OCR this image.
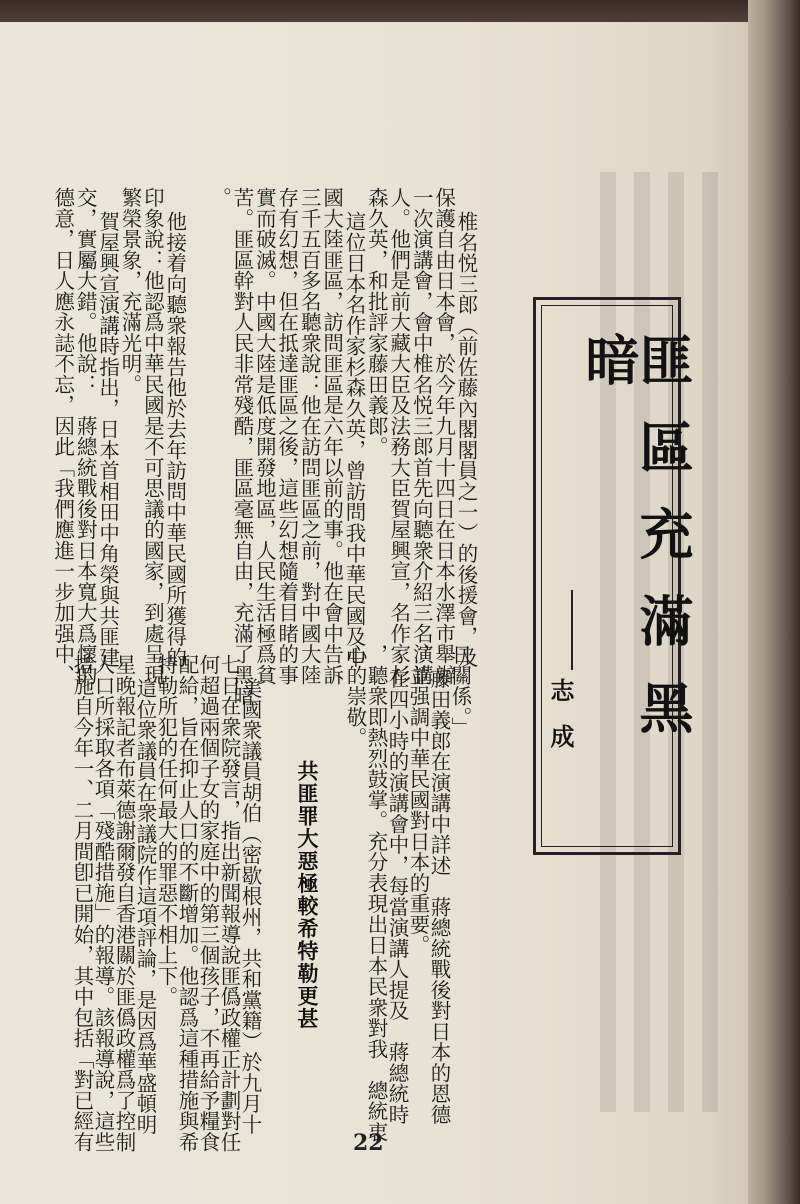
匪區充滿黑暗
志成
共匪罪大惡極較希特勒更甚
22
椎名悦三郎（前佐藤內閣閣員之一）的後援會，及
保護自由日本會，於今年九月十四日在日本水澤市舉辦
一次演講會，會中椎名悦三郎首先向聽衆介紹三名演講
人。他們是前大藏大臣及法務大臣賀屋興宣，名作家杉
森久英，和批評家藤田義郎。
這位日本名作家杉森久英，曾訪問我中華民國及中
國大陸匪區，訪問匪區是六年以前的事。他在會中告訴
三千五百多名聽衆說：他在訪問匪區之前，對中國大陸
存有幻想，但在抵達匪區之後，這些幻想隨着目睹的事
實而破滅。中國大陸是低度開發地區，人民生活極爲貧
苦。匪區幹對人民非常殘酷，匪區毫無自由，充滿了黑暗
。
他接着向聽衆報告他於去年訪問中華民國所獲得的
印象說：他認爲中華民國是不可思議的國家，到處呈現
繁榮景象，充滿光明。
賀屋興宣演講時指出，日本首相田中角榮與共匪建
交，實屬大錯。他說：　蔣總統戰後對日本寬大爲懷的
德意，日人應永誌不忘，因此「我們應進一步加强中、
日關係。」
藤田義郎在演講中詳述　蔣總統戰後對日本的恩德
，並强調中華民國對日本的重要。
在四小時的演講會中，每當演講人提及　蔣總統時
，聽衆即熱烈鼓掌。充分表現出日本民衆對我　總統衷
心的崇敬。
美國衆議員胡伯（密歇根州，共和黨籍）於九月十
七日在衆院發言，指出新聞報導說匪僞政權正計劃對任
何超過兩個子女的家庭中的第三個孩子，不再給予糧食
配給，旨在抑止人口的不斷增加。他認爲這種措施與希
特勒所犯的任何最大的罪惡不相上下。
這位衆議員在衆議院作這項評論，是因爲華盛頓明
星晚報記者布萊德謝爾發自香港關於匪僞政權爲了控制
人口所採取各項「殘酷措施」的報導。該報導說，這些
措施自今年一、二月間卽已開始，其中包括「對已經有
